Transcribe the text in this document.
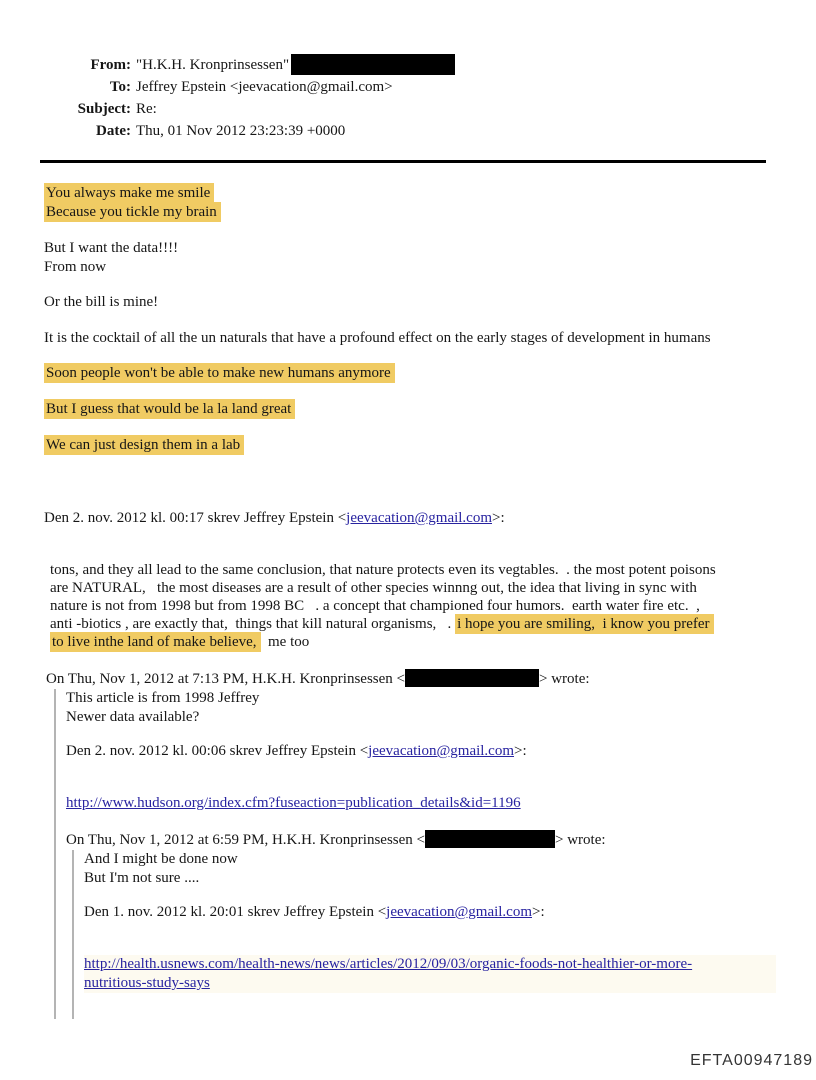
From: "H.K.H. Kronprinsessen"
To: Jeffrey Epstein <jeevacation@gmail.com>
Subject: Re:
Date: Thu, 01 Nov 2012 23:23:39 +0000
You always make me smile
Because you tickle my brain
But I want the data!!!!
From now
Or the bill is mine!
It is the cocktail of all the un naturals that have a profound effect on the early stages of development in humans
Soon people won't be able to make new humans anymore
But I guess that would be la la land great
We can just design them in a lab
Den 2. nov. 2012 kl. 00:17 skrev Jeffrey Epstein <jeevacation@gmail.com>:
tons, and they all lead to the same conclusion, that nature protects even its vegtables.  . the most potent poisons
are NATURAL,   the most diseases are a result of other species winnng out, the idea that living in sync with
nature is not from 1998 but from 1998 BC   . a concept that championed four humors.  earth water fire etc.  ,
anti -biotics , are exactly that,  things that kill natural organisms,   . i hope you are smiling,  i know you prefer
to live inthe land of make believe,  me too
On Thu, Nov 1, 2012 at 7:13 PM, H.K.H. Kronprinsessen <	> wrote:
This article is from 1998 Jeffrey
Newer data available?
Den 2. nov. 2012 kl. 00:06 skrev Jeffrey Epstein <jeevacation@gmail.com>:
http://www.hudson.org/index.cfm?fuseaction=publication_details&id=1196
On Thu, Nov 1, 2012 at 6:59 PM, H.K.H. Kronprinsessen <	> wrote:
And I might be done now
But I'm not sure ....
Den 1. nov. 2012 kl. 20:01 skrev Jeffrey Epstein <jeevacation@gmail.com>:
http://health.usnews.com/health-news/news/articles/2012/09/03/organic-foods-not-healthier-or-more-
nutritious-study-says
EFTA00947189
